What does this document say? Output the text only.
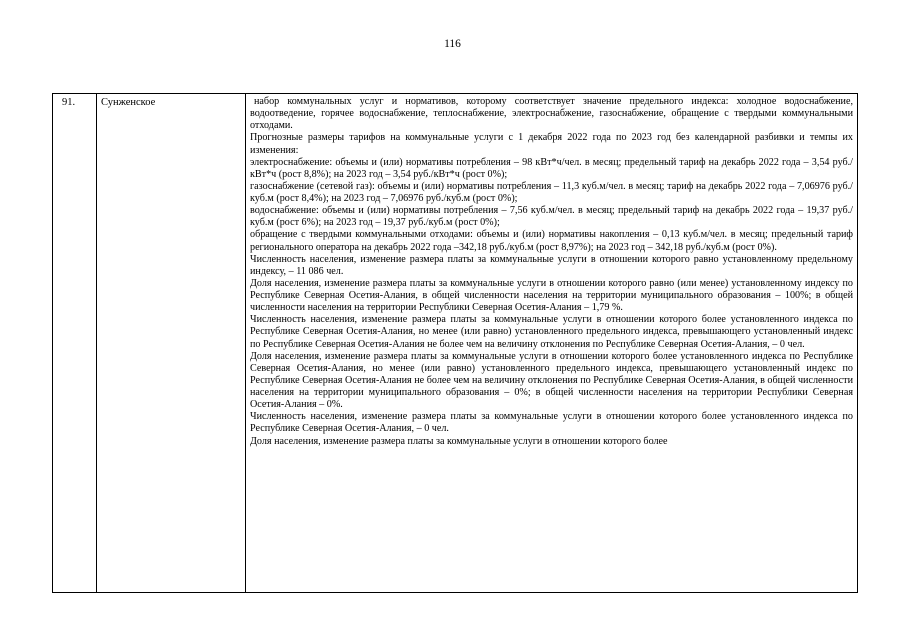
116
91.	Сунженское	набор коммунальных услуг и нормативов, которому соответствует значение предельного индекса: холодное водоснабжение, водоотведение, горячее водоснабжение, теплоснабжение, электроснабжение, газоснабжение, обращение с твердыми коммунальными отходами.

Прогнозные размеры тарифов на коммунальные услуги с 1 декабря 2022 года по 2023 год без календарной разбивки и темпы их изменения:

электроснабжение: объемы и (или) нормативы потребления – 98 кВт*ч/чел. в месяц; предельный тариф на декабрь 2022 года – 3,54 руб./кВт*ч (рост 8,8%); на 2023 год – 3,54 руб./кВт*ч (рост 0%);

газоснабжение (сетевой газ): объемы и (или) нормативы потребления – 11,3 куб.м/чел. в месяц; тариф на декабрь 2022 года – 7,06976 руб./куб.м (рост 8,4%); на 2023 год – 7,06976 руб./куб.м (рост 0%);

водоснабжение: объемы и (или) нормативы потребления – 7,56 куб.м/чел. в месяц; предельный тариф на декабрь 2022 года – 19,37 руб./куб.м (рост 6%); на 2023 год – 19,37 руб./куб.м (рост 0%);

обращение с твердыми коммунальными отходами: объемы и (или) нормативы накопления – 0,13 куб.м/чел. в месяц; предельный тариф регионального оператора на декабрь 2022 года –342,18 руб./куб.м (рост 8,97%); на 2023 год – 342,18 руб./куб.м (рост 0%).

Численность населения, изменение размера платы за коммунальные услуги в отношении которого равно установленному предельному индексу, – 11 086 чел.

Доля населения, изменение размера платы за коммунальные услуги в отношении которого равно (или менее) установленному индексу по Республике Северная Осетия-Алания, в общей численности населения на территории муниципального образования – 100%; в общей численности населения на территории Республики Северная Осетия-Алания – 1,79 %.

Численность населения, изменение размера платы за коммунальные услуги в отношении которого более установленного индекса по Республике Северная Осетия-Алания, но менее (или равно) установленного предельного индекса, превышающего установленный индекс по Республике Северная Осетия-Алания не более чем на величину отклонения по Республике Северная Осетия-Алания, – 0 чел.

Доля населения, изменение размера платы за коммунальные услуги в отношении которого более установленного индекса по Республике Северная Осетия-Алания, но менее (или равно) установленного предельного индекса, превышающего установленный индекс по Республике Северная Осетия-Алания не более чем на величину отклонения по Республике Северная Осетия-Алания, в общей численности населения на территории муниципального образования – 0%; в общей численности населения на территории Республики Северная Осетия-Алания – 0%.

Численность населения, изменение размера платы за коммунальные услуги в отношении которого более установленного индекса по Республике Северная Осетия-Алания, – 0 чел.

Доля населения, изменение размера платы за коммунальные услуги в отношении которого более
